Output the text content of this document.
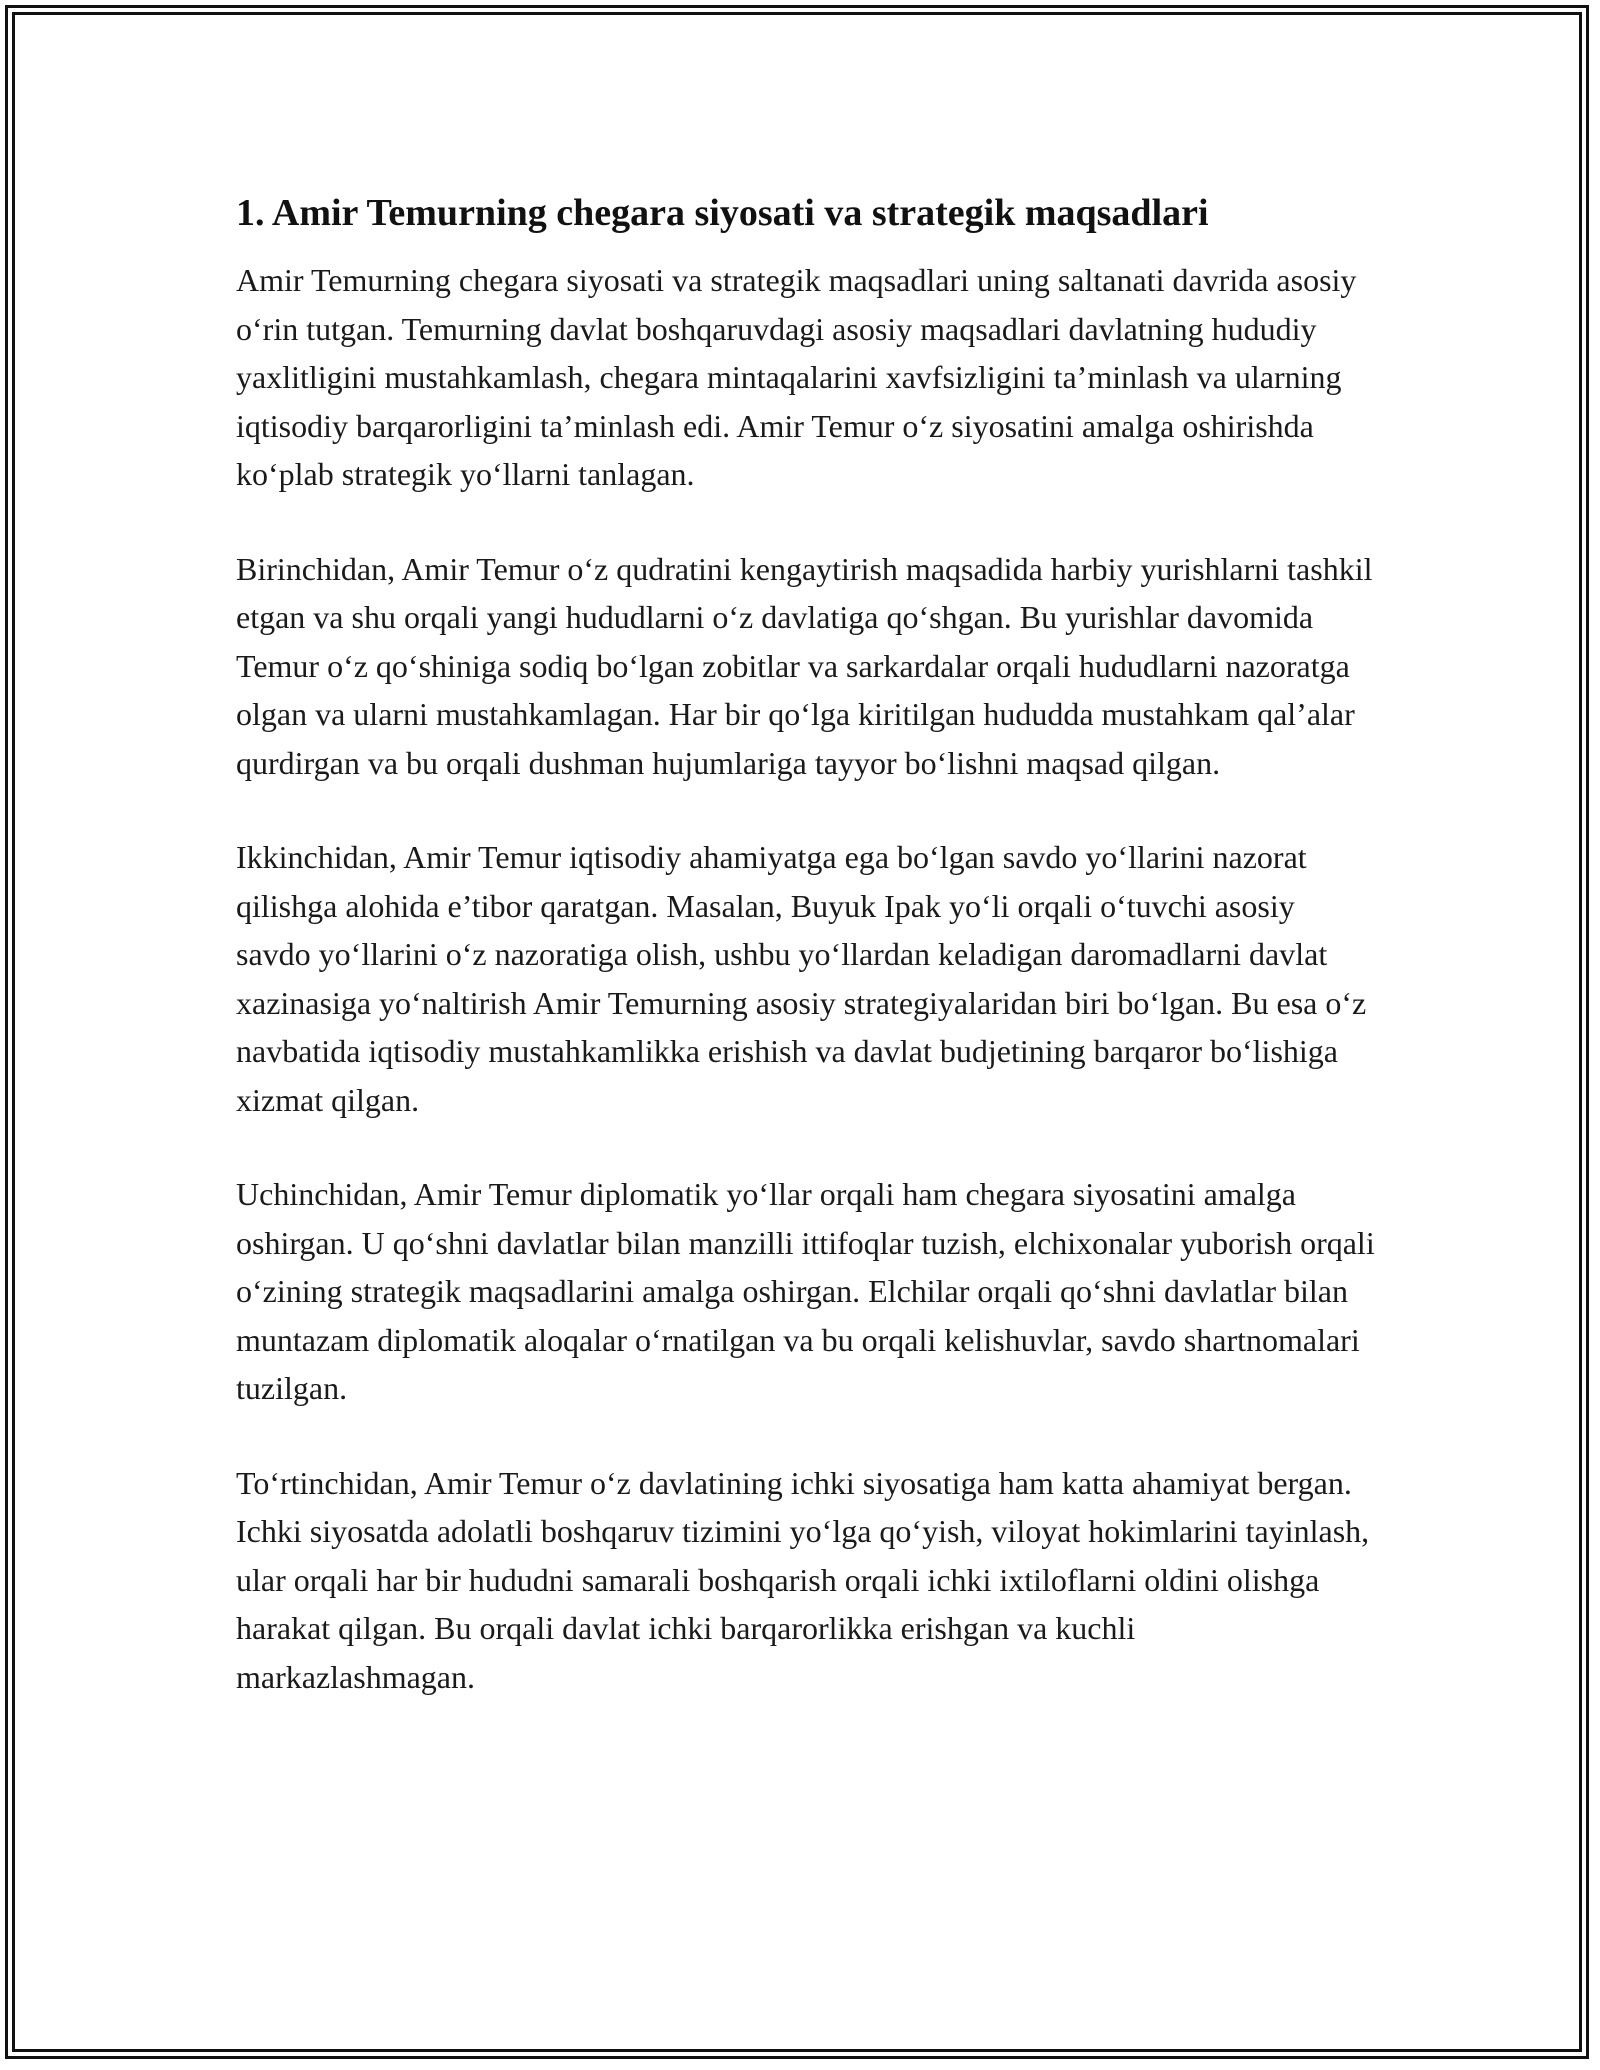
1. Amir Temurning chegara siyosati va strategik maqsadlari

Amir Temurning chegara siyosati va strategik maqsadlari uning saltanati davrida asosiy o‘rin tutgan. Temurning davlat boshqaruvdagi asosiy maqsadlari davlatning hududiy yaxlitligini mustahkamlash, chegara mintaqalarini xavfsizligini ta’minlash va ularning iqtisodiy barqarorligini ta’minlash edi. Amir Temur o‘z siyosatini amalga oshirishda ko‘plab strategik yo‘llarni tanlagan.

Birinchidan, Amir Temur o‘z qudratini kengaytirish maqsadida harbiy yurishlarni tashkil etgan va shu orqali yangi hududlarni o‘z davlatiga qo‘shgan. Bu yurishlar davomida Temur o‘z qo‘shiniga sodiq bo‘lgan zobitlar va sarkardalar orqali hududlarni nazoratga olgan va ularni mustahkamlagan. Har bir qo‘lga kiritilgan hududda mustahkam qal’alar qurdirgan va bu orqali dushman hujumlariga tayyor bo‘lishni maqsad qilgan.

Ikkinchidan, Amir Temur iqtisodiy ahamiyatga ega bo‘lgan savdo yo‘llarini nazorat qilishga alohida e’tibor qaratgan. Masalan, Buyuk Ipak yo‘li orqali o‘tuvchi asosiy savdo yo‘llarini o‘z nazoratiga olish, ushbu yo‘llardan keladigan daromadlarni davlat xazinasiga yo‘naltirish Amir Temurning asosiy strategiyalaridan biri bo‘lgan. Bu esa o‘z navbatida iqtisodiy mustahkamlikka erishish va davlat budjetining barqaror bo‘lishiga xizmat qilgan.

Uchinchidan, Amir Temur diplomatik yo‘llar orqali ham chegara siyosatini amalga oshirgan. U qo‘shni davlatlar bilan manzilli ittifoqlar tuzish, elchixonalar yuborish orqali o‘zining strategik maqsadlarini amalga oshirgan. Elchilar orqali qo‘shni davlatlar bilan muntazam diplomatik aloqalar o‘rnatilgan va bu orqali kelishuvlar, savdo shartnomalari tuzilgan.

To‘rtinchidan, Amir Temur o‘z davlatining ichki siyosatiga ham katta ahamiyat bergan. Ichki siyosatda adolatli boshqaruv tizimini yo‘lga qo‘yish, viloyat hokimlarini tayinlash, ular orqali har bir hududni samarali boshqarish orqali ichki ixtiloflarni oldini olishga harakat qilgan. Bu orqali davlat ichki barqarorlikka erishgan va kuchli markazlashmagan.
